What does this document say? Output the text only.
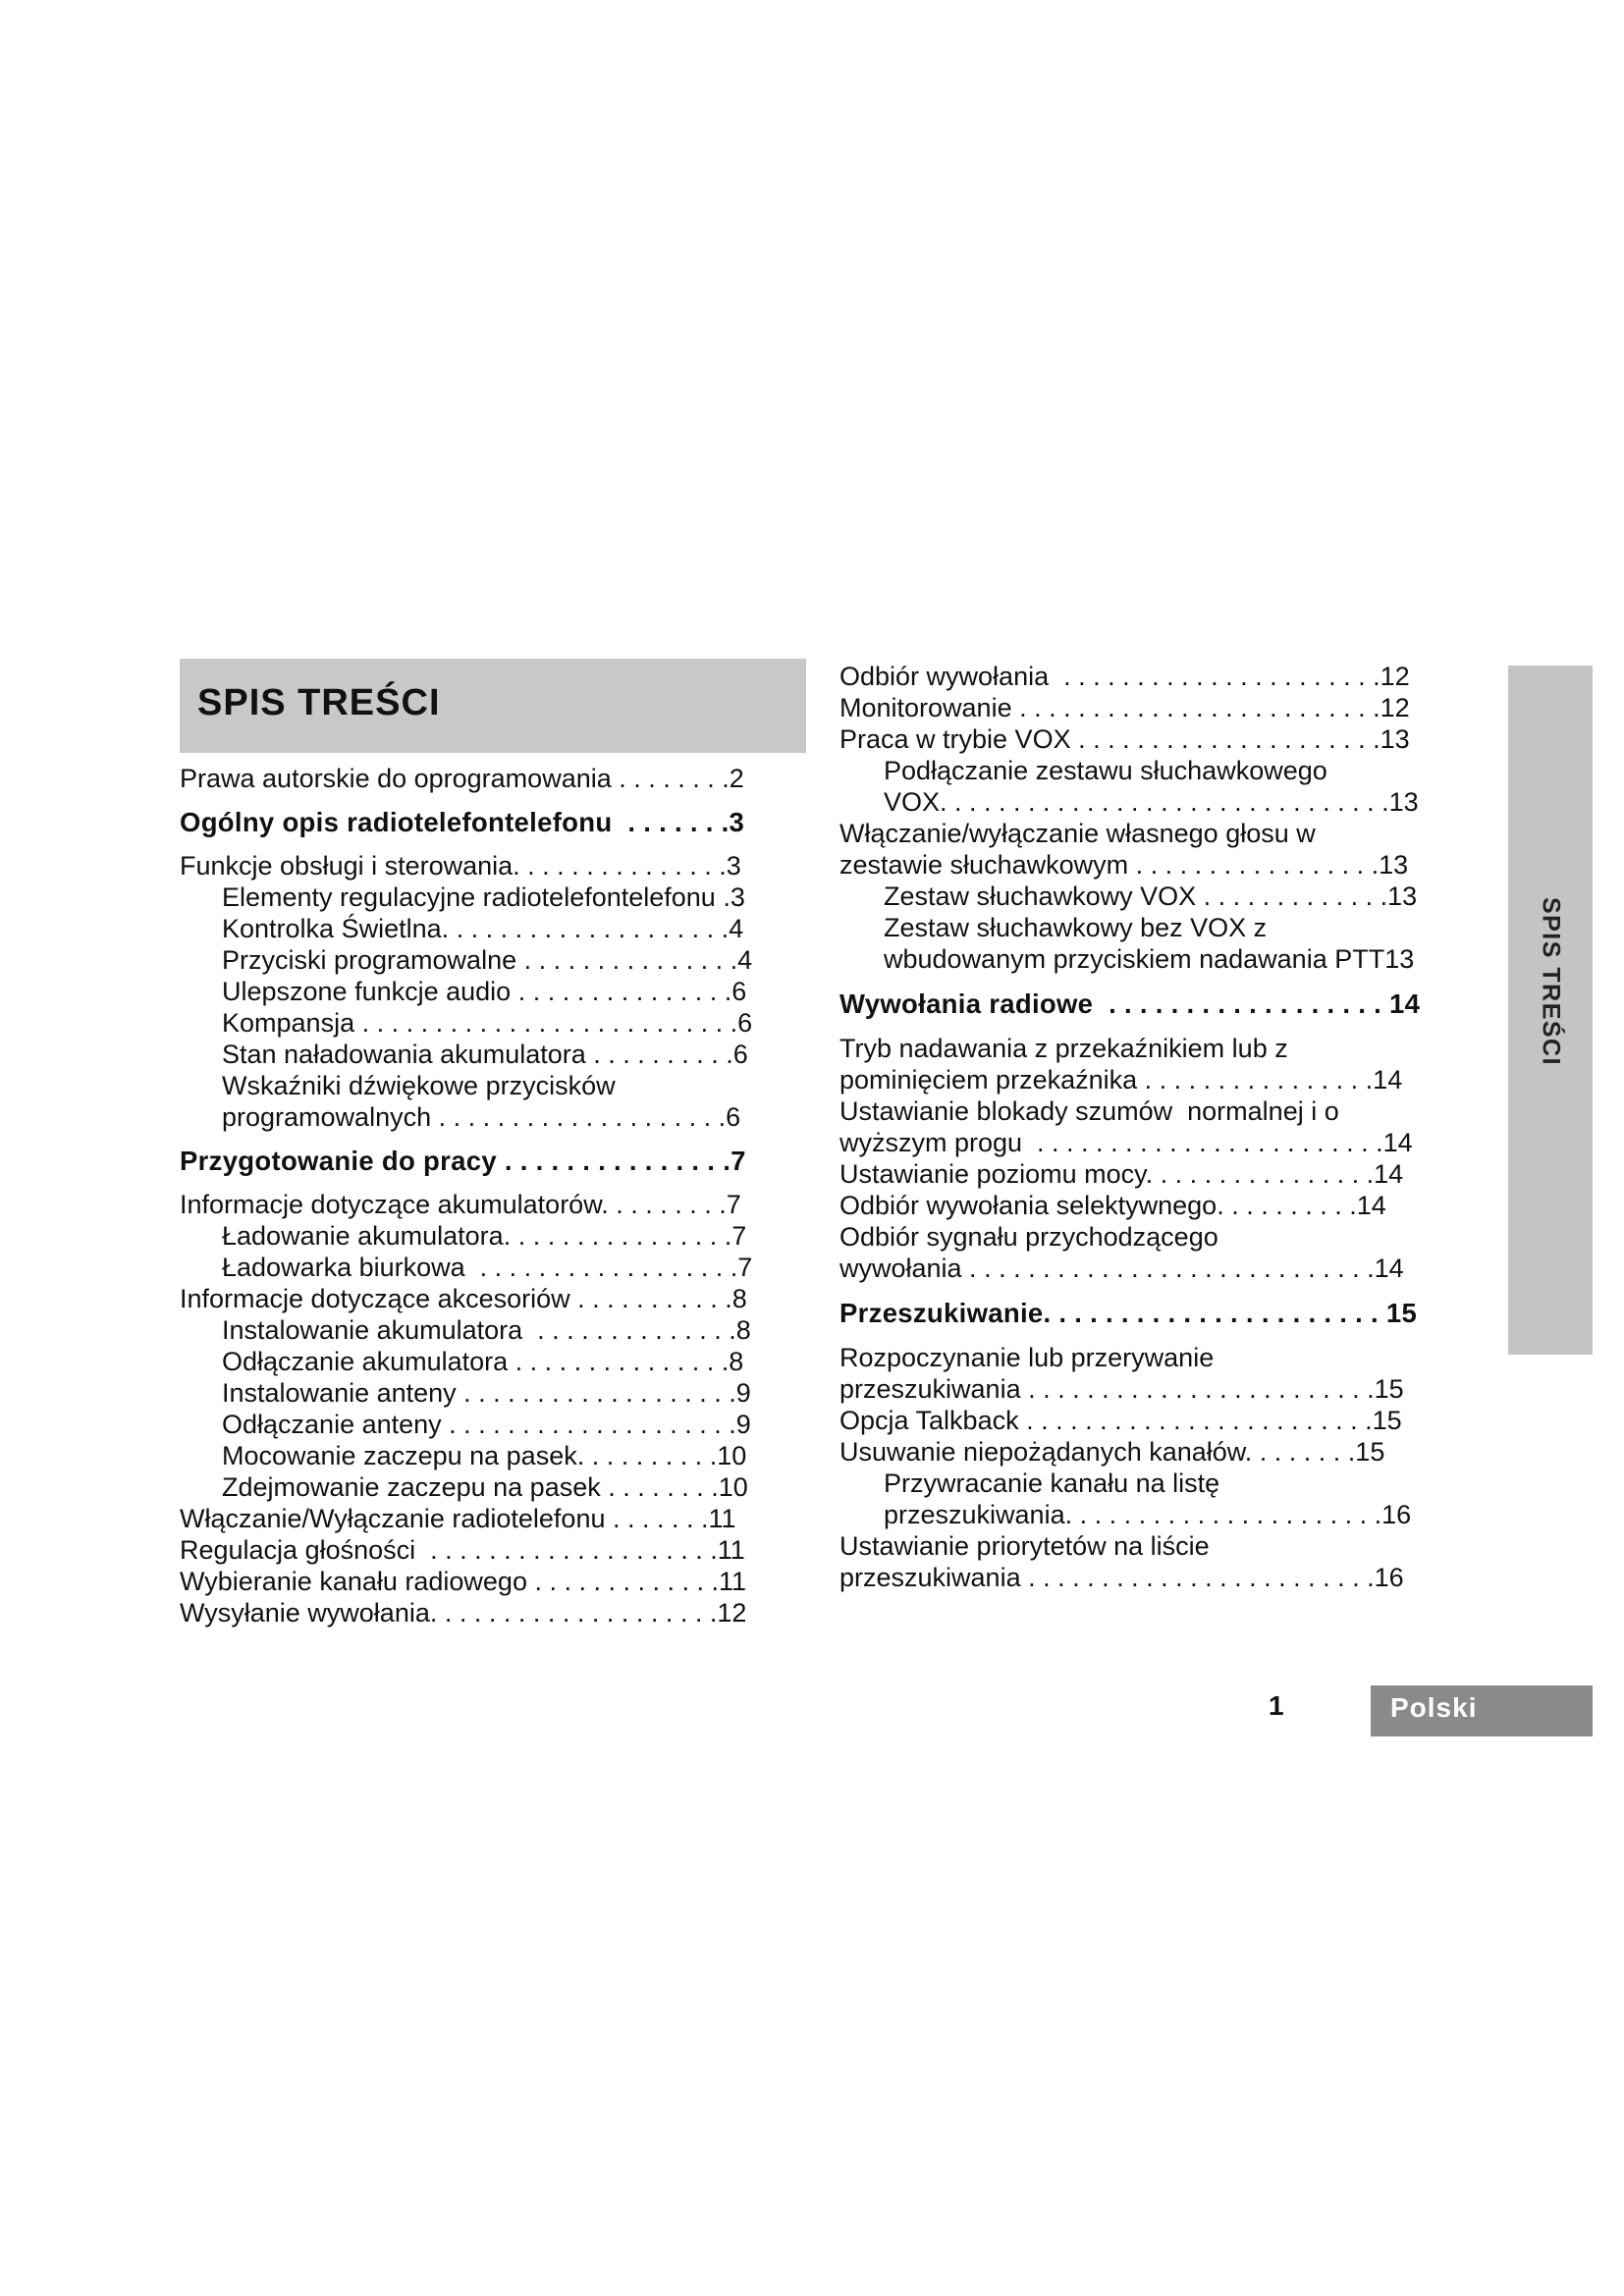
SPIS TREŚCI
SPIS TREŚCI
Prawa autorskie do oprogramowania . . . . . . . .2
Ogólny opis radiotelefontelefonu  . . . . . . .3
Funkcje obsługi i sterowania. . . . . . . . . . . . . . .3
Elementy regulacyjne radiotelefontelefonu .3
Kontrolka Świetlna. . . . . . . . . . . . . . . . . . . .4
Przyciski programowalne . . . . . . . . . . . . . . .4
Ulepszone funkcje audio . . . . . . . . . . . . . . .6
Kompansja . . . . . . . . . . . . . . . . . . . . . . . . . .6
Stan naładowania akumulatora . . . . . . . . . .6
Wskaźniki dźwiękowe przycisków
programowalnych . . . . . . . . . . . . . . . . . . . .6
Przygotowanie do pracy . . . . . . . . . . . . . . .7
Informacje dotyczące akumulatorów. . . . . . . . .7
Ładowanie akumulatora. . . . . . . . . . . . . . . .7
Ładowarka biurkowa  . . . . . . . . . . . . . . . . . .7
Informacje dotyczące akcesoriów . . . . . . . . . . .8
Instalowanie akumulatora  . . . . . . . . . . . . . .8
Odłączanie akumulatora . . . . . . . . . . . . . . .8
Instalowanie anteny . . . . . . . . . . . . . . . . . . .9
Odłączanie anteny . . . . . . . . . . . . . . . . . . . .9
Mocowanie zaczepu na pasek. . . . . . . . . .10
Zdejmowanie zaczepu na pasek . . . . . . . .10
Włączanie/Wyłączanie radiotelefonu . . . . . . .11
Regulacja głośności  . . . . . . . . . . . . . . . . . . . .11
Wybieranie kanału radiowego . . . . . . . . . . . . .11
Wysyłanie wywołania. . . . . . . . . . . . . . . . . . . .12
Odbiór wywołania  . . . . . . . . . . . . . . . . . . . . . .12
Monitorowanie . . . . . . . . . . . . . . . . . . . . . . . . .12
Praca w trybie VOX . . . . . . . . . . . . . . . . . . . . .13
Podłączanie zestawu słuchawkowego
VOX. . . . . . . . . . . . . . . . . . . . . . . . . . . . . . .13
Włączanie/wyłączanie własnego głosu w
zestawie słuchawkowym . . . . . . . . . . . . . . . . .13
Zestaw słuchawkowy VOX . . . . . . . . . . . . .13
Zestaw słuchawkowy bez VOX z
wbudowanym przyciskiem nadawania PTT13
Wywołania radiowe  . . . . . . . . . . . . . . . . . . 14
Tryb nadawania z przekaźnikiem lub z
pominięciem przekaźnika . . . . . . . . . . . . . . . .14
Ustawianie blokady szumów  normalnej i o
wyższym progu  . . . . . . . . . . . . . . . . . . . . . . . .14
Ustawianie poziomu mocy. . . . . . . . . . . . . . . .14
Odbiór wywołania selektywnego. . . . . . . . . .14
Odbiór sygnału przychodzącego
wywołania . . . . . . . . . . . . . . . . . . . . . . . . . . . .14
Przeszukiwanie. . . . . . . . . . . . . . . . . . . . . . 15
Rozpoczynanie lub przerywanie
przeszukiwania . . . . . . . . . . . . . . . . . . . . . . . .15
Opcja Talkback . . . . . . . . . . . . . . . . . . . . . . . .15
Usuwanie niepożądanych kanałów. . . . . . . .15
Przywracanie kanału na listę
przeszukiwania. . . . . . . . . . . . . . . . . . . . . .16
Ustawianie priorytetów na liście
przeszukiwania . . . . . . . . . . . . . . . . . . . . . . . .16
1	Polski
